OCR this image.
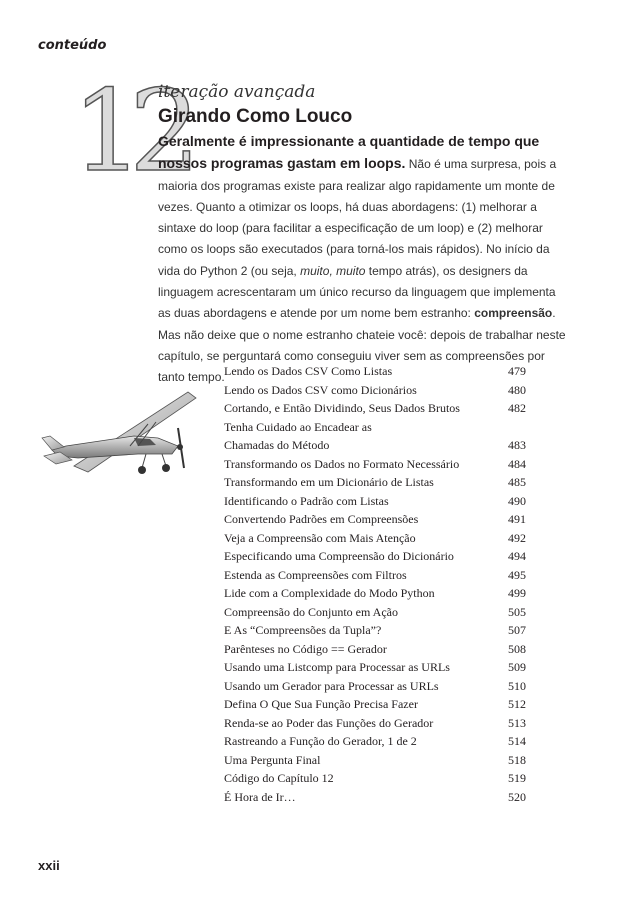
conteúdo
12
iteração avançada
Girando Como Louco
Geralmente é impressionante a quantidade de tempo que nossos programas gastam em loops. Não é uma surpresa, pois a maioria dos programas existe para realizar algo rapidamente um monte de vezes. Quanto a otimizar os loops, há duas abordagens: (1) melhorar a sintaxe do loop (para facilitar a especificação de um loop) e (2) melhorar como os loops são executados (para torná-los mais rápidos). No início da vida do Python 2 (ou seja, muito, muito tempo atrás), os designers da linguagem acrescentaram um único recurso da linguagem que implementa as duas abordagens e atende por um nome bem estranho: compreensão. Mas não deixe que o nome estranho chateie você: depois de trabalhar neste capítulo, se perguntará como conseguiu viver sem as compreensões por tanto tempo. Lendo os Dados CSV Como Listas	479
Lendo os Dados CSV como Dicionários	480
Cortando, e Então Dividindo, Seus Dados Brutos	482
Tenha Cuidado ao Encadear as
Chamadas do Método	483
Transformando os Dados no Formato Necessário	484
Transformando em um Dicionário de Listas	485
Identificando o Padrão com Listas	490
Convertendo Padrões em Compreensões	491
Veja a Compreensão com Mais Atenção	492
Especificando uma Compreensão do Dicionário	494
Estenda as Compreensões com Filtros	495
Lide com a Complexidade do Modo Python	499
Compreensão do Conjunto em Ação	505
E As “Compreensões da Tupla”?	507
Parênteses no Código == Gerador	508
Usando uma Listcomp para Processar as URLs	509
Usando um Gerador para Processar as URLs	510
Defina O Que Sua Função Precisa Fazer	512
Renda-se ao Poder das Funções do Gerador	513
Rastreando a Função do Gerador, 1 de 2	514
Uma Pergunta Final	518
Código do Capítulo 12	519
É Hora de Ir…	520
xxii
